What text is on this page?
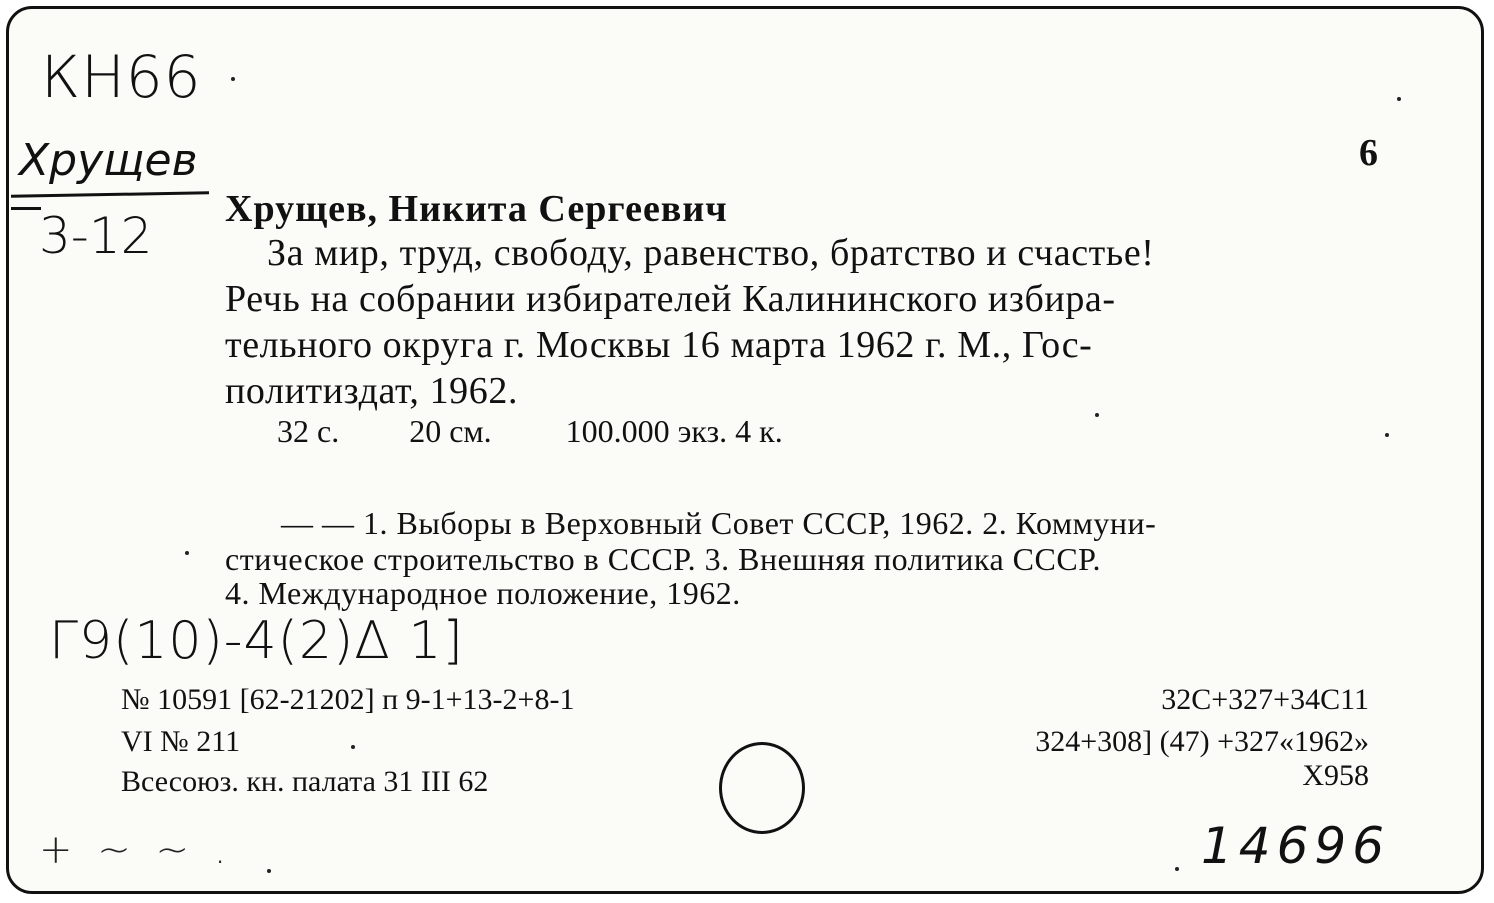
КН66
Хрущев
3-12
6
Хрущев, Никита Сергеевич
За мир, труд, свободу, равенство, братство и счастье!
Речь на собрании избирателей Калининского избира-
тельного округа г. Москвы 16 марта 1962 г. М., Гос-
политиздат, 1962.
32 с. 20 см. 100.000 экз. 4 к.
— — 1. Выборы в Верховный Совет СССР, 1962. 2. Коммуни-
стическое строительство в СССР. 3. Внешняя политика СССР.
4. Международное положение, 1962.
Г9(10)-4(2)Δ 1]
№ 10591 [62-21202] п 9-1+13-2+8-1
VI № 211
Всесоюз. кн. палата 31 III 62
32С+327+34С11
324+308] (47) +327«1962»
Х958
14696
+ ~ ~ .
